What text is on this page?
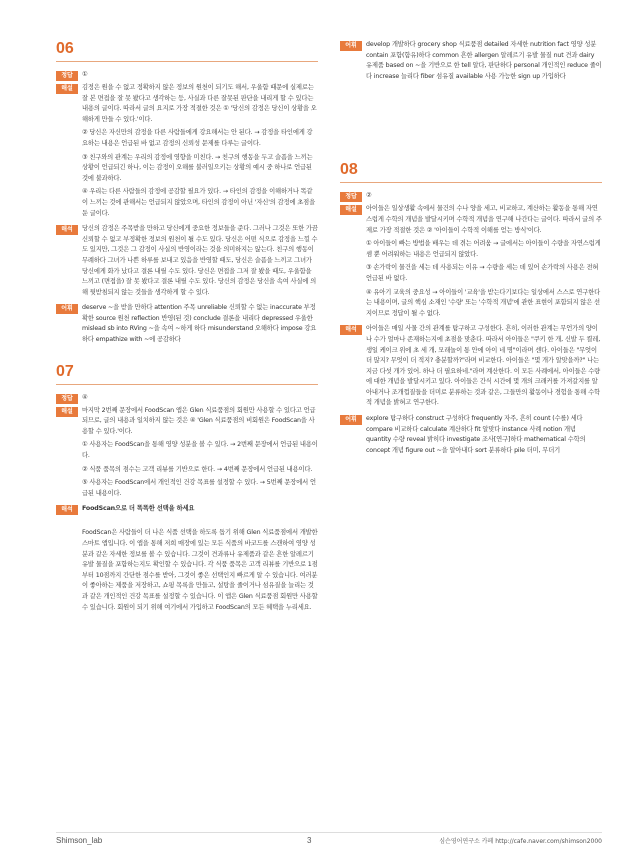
06
정답	①
해설	김정은 원을 수 없고 정확하지 않은 정보의 원천이 되기도 해서, 우울함 때문에 실제로는 잘 본 면접을 잘 못 봤다고 생각하는 등, 사실과 다른 잘못된 판단을 내리게 할 수 있다는 내용의 글이다. 따라서 글의 요지로 가장 적절한 것은 ① '당신의 감정은 당신이 상황을 오해하게 만들 수 있다.'이다.

② 당신은 자신만의 감정을 다른 사람들에게 강요해서는 안 된다. → 감정을 타인에게 강요하는 내용은 언급된 바 없고 감정의 신뢰성 문제를 다루는 글이다.

③ 친구와의 관계는 우리의 감정에 영향을 미친다. → 친구의 행동을 두고 슬픔을 느끼는 상황이 언급되긴 하나, 이는 감정이 오해를 불러일으키는 상황의 예시 중 하나로 언급된 것에 불과하다.

④ 우리는 다른 사람들의 감정에 공감할 필요가 있다. → 타인의 감정을 이해하거나 똑같이 느끼는 것에 관해서는 언급되지 않았으며, 타인의 감정이 아닌 '자신'의 감정에 초점을 둔 글이다.

해석	당신의 감정은 주목받을 만하고 당신에게 중요한 정보들을 준다. 그러나 그것은 또한 가끔 신뢰할 수 없고 부정확한 정보의 원천이 될 수도 있다. 당신은 어떤 식으로 감정을 느낄 수도 있지만, 그것은 그 감정이 사실의 반영이라는 것을 의미하지는 않는다. 친구의 행동이 무례하다 그녀가 나쁜 하루를 보내고 있음을 반영할 때도, 당신은 슬픔을 느끼고 그녀가 당신에게 화가 났다고 결론 내릴 수도 있다. 당신은 면접을 그저 잘 봤을 때도, 우울함을 느끼고 (면접을) 잘 못 봤다고 결론 내릴 수도 있다. 당신의 감정은 당신을 속여 사실에 의해 뒷받침되지 않는 것들을 생각하게 할 수 있다.

어휘	deserve ~을 받을 만하다 attention 주목 unreliable 신뢰할 수 없는 inaccurate 부정확한 source 원천 reflection 반영(된 것) conclude 결론을 내리다 depressed 우울한 mislead sb into RVing ~을 속여 ~하게 하다 misunderstand 오해하다 impose 강요하다 empathize with ~에 공감하다

07
정답	④
해설	마지막 2번째 문장에서 FoodScan 앱은 Glen 식료품점의 회원만 사용할 수 있다고 언급되므로, 글의 내용과 일치하지 않는 것은 ④ 'Glen 식료품점의 비회원은 FoodScan을 사용할 수 있다.'이다.

① 사용자는 FoodScan을 통해 영양 성분을 볼 수 있다. → 2번째 문장에서 언급된 내용이다.

② 식품 품목의 점수는 고객 리뷰를 기반으로 한다. → 4번째 문장에서 언급된 내용이다.

⑤ 사용자는 FoodScan에서 개인적인 건강 목표를 설정할 수 있다. → 5번째 문장에서 언급된 내용이다.

해석	FoodScan으로 더 똑똑한 선택을 하세요
FoodScan은 사람들이 더 나은 식품 선택을 하도록 돕기 위해 Glen 식료품점에서 개발한 스마트 앱입니다. 이 앱을 통해 저희 매장에 있는 모든 식품의 바코드를 스캔하여 영양 성분과 같은 자세한 정보를 볼 수 있습니다. 그것이 견과류나 유제품과 같은 흔한 알레르기 유발 물질을 포함하는지도 확인할 수 있습니다. 각 식품 품목은 고객 리뷰를 기반으로 1점부터 10점까지 간단한 점수를 받아, 그것이 좋은 선택인지 빠르게 알 수 있습니다. 여러분이 좋아하는 제품을 저장하고, 쇼핑 목록을 만들고, 설탕을 줄이거나 섬유질을 늘리는 것과 같은 개인적인 건강 목표를 설정할 수 있습니다. 이 앱은 Glen 식료품점 회원만 사용할 수 있습니다. 회원이 되기 위해 여기에서 가입하고 FoodScan의 모든 혜택을 누리세요.
어휘	develop 개발하다 grocery shop 식료품점 detailed 자세한 nutrition fact 영양 성분 contain 포함(함유)하다 common 흔한 allergen 알레르기 유발 물질 nut 견과 dairy 유제품 based on ~을 기반으로 한 tell 알다, 판단하다 personal 개인적인 reduce 줄이다 increase 늘리다 fiber 섬유질 available 사용 가능한 sign up 가입하다

08
정답	②
해설	아이들은 일상생활 속에서 물건의 수나 양을 세고, 비교하고, 계산하는 활동을 통해 자연스럽게 수학의 개념을 발달시키며 수학적 개념을 연구해 나간다는 글이다. 따라서 글의 주제로 가장 적절한 것은 ② '아이들이 수학적 이해를 얻는 방식'이다.

① 아이들이 빠는 방법을 배우는 데 겪는 어려움 → 글에서는 아이들이 수량을 자연스럽게 셈 뿐 어려워하는 내용은 언급되지 않았다.

③ 손가락이 물건을 세는 데 사용되는 이유 → 수량을 세는 데 있어 손가락의 사용은 전혀 언급된 바 없다.

④ 유아기 교육의 중요성 → 아이들이 '교육'을 받는다기보다는 일상에서 스스로 연구한다는 내용이며, 글의 핵심 소재인 '수량' 또는 '수학적 개념'에 관한 표현이 포함되지 않은 선지이므로 정답이 될 수 없다.

해석	아이들은 매일 사물 간의 관계를 탐구하고 구성한다. 흔히, 이러한 관계는 무언가의 양이나 수가 얼마나 존재하는지에 초점을 맞춘다. 따라서 아이들은 "쿠키 한 개, 신발 두 켤레, 생일 케이크 위에 초 세 개, 모래놀이 통 안에 아이 네 명"이라며 센다. 아이들은 "무엇이 더 많지? 무엇이 더 적지? 충분할까?"라며 비교한다. 아이들은 "몇 개가 알맞을까?" 나는 지금 다섯 개가 있어. 하나 더 필요하네."라며 계산한다. 이 모든 사례에서, 아이들은 수량에 대한 개념을 발달시키고 있다. 아이들은 간식 시간에 몇 개의 크래커를 가져갈지를 알아내거나 조개껍질들을 더미로 분류하는 것과 같은, 그들만의 활동이나 경험을 통해 수학적 개념을 밝혀고 연구한다.

어휘	explore 탐구하다 construct 구성하다 frequently 자주, 흔히 count (수를) 세다 compare 비교하다 calculate 계산하다 fit 알맞다 instance 사례 notion 개념 quantity 수량 reveal 밝히다 investigate 조사[연구]하다 mathematical 수학의 concept 개념 figure out ~을 알아내다 sort 분류하다 pile 더미, 무더기

Shimson_lab	3	심슨영어연구소 카페 http://cafe.naver.com/shimson2000
